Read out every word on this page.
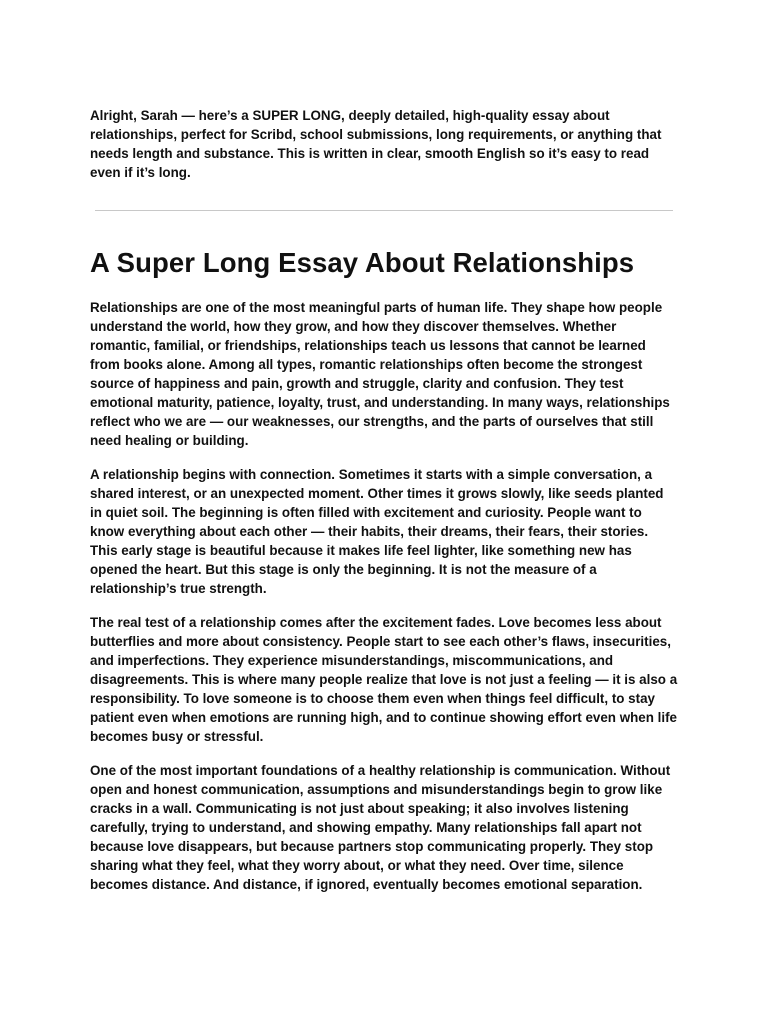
Alright, Sarah — here’s a SUPER LONG, deeply detailed, high-quality essay about relationships, perfect for Scribd, school submissions, long requirements, or anything that needs length and substance. This is written in clear, smooth English so it’s easy to read even if it’s long.

A Super Long Essay About Relationships

Relationships are one of the most meaningful parts of human life. They shape how people understand the world, how they grow, and how they discover themselves. Whether romantic, familial, or friendships, relationships teach us lessons that cannot be learned from books alone. Among all types, romantic relationships often become the strongest source of happiness and pain, growth and struggle, clarity and confusion. They test emotional maturity, patience, loyalty, trust, and understanding. In many ways, relationships reflect who we are — our weaknesses, our strengths, and the parts of ourselves that still need healing or building.

A relationship begins with connection. Sometimes it starts with a simple conversation, a shared interest, or an unexpected moment. Other times it grows slowly, like seeds planted in quiet soil. The beginning is often filled with excitement and curiosity. People want to know everything about each other — their habits, their dreams, their fears, their stories. This early stage is beautiful because it makes life feel lighter, like something new has opened the heart. But this stage is only the beginning. It is not the measure of a relationship’s true strength.

The real test of a relationship comes after the excitement fades. Love becomes less about butterflies and more about consistency. People start to see each other’s flaws, insecurities, and imperfections. They experience misunderstandings, miscommunications, and disagreements. This is where many people realize that love is not just a feeling — it is also a responsibility. To love someone is to choose them even when things feel difficult, to stay patient even when emotions are running high, and to continue showing effort even when life becomes busy or stressful.

One of the most important foundations of a healthy relationship is communication. Without open and honest communication, assumptions and misunderstandings begin to grow like cracks in a wall. Communicating is not just about speaking; it also involves listening carefully, trying to understand, and showing empathy. Many relationships fall apart not because love disappears, but because partners stop communicating properly. They stop sharing what they feel, what they worry about, or what they need. Over time, silence becomes distance. And distance, if ignored, eventually becomes emotional separation.
